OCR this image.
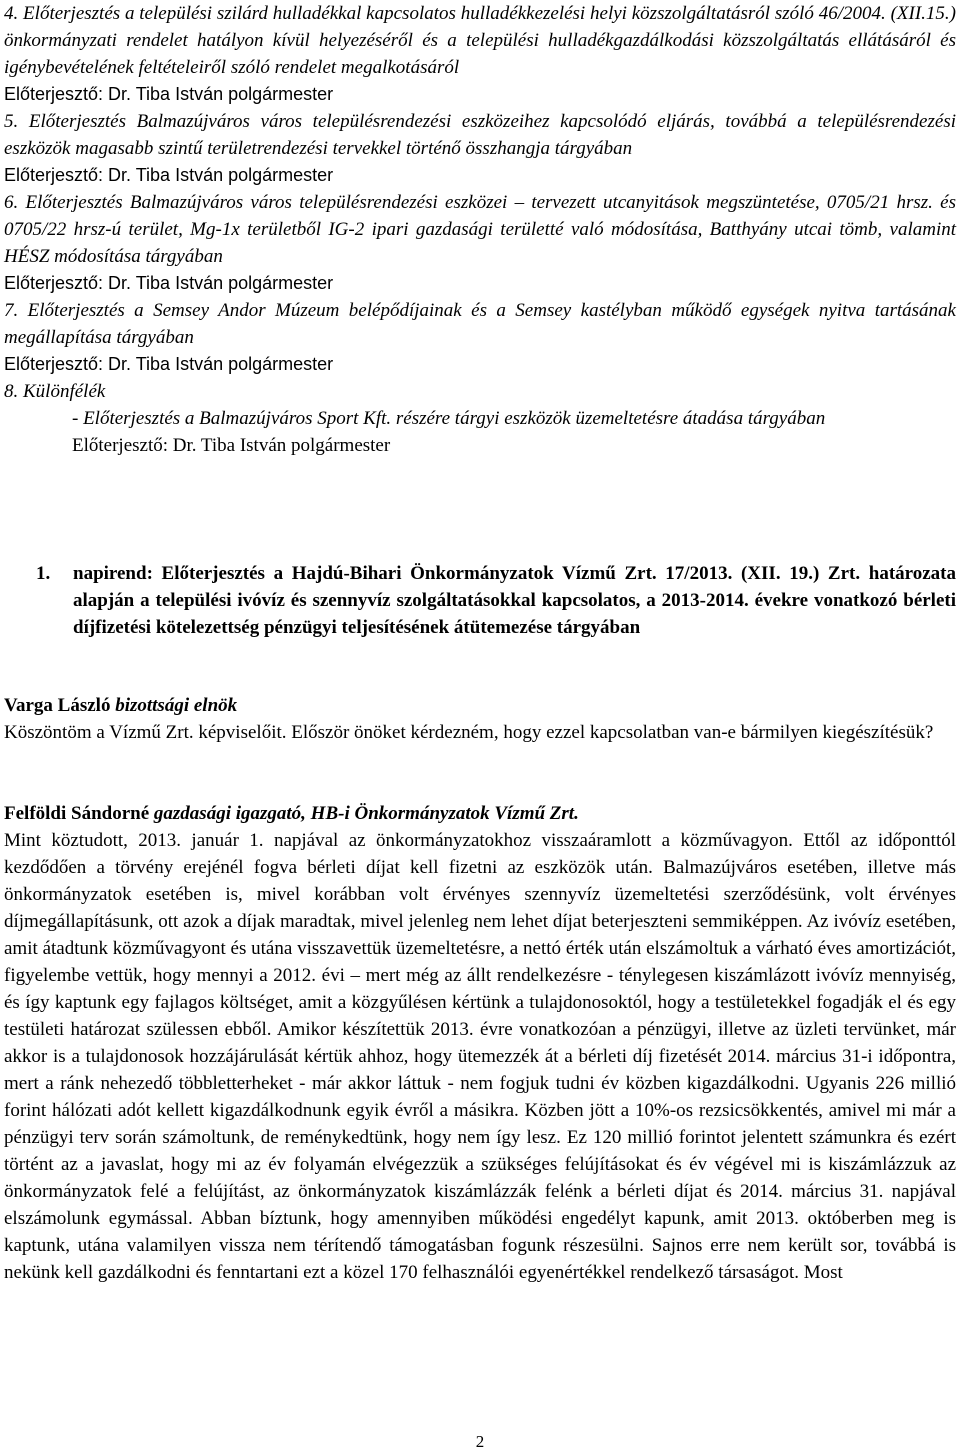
4. Előterjesztés a települési szilárd hulladékkal kapcsolatos hulladékkezelési helyi közszolgáltatásról szóló 46/2004. (XII.15.) önkormányzati rendelet hatályon kívül helyezéséről és a települési hulladékgazdálkodási közszolgáltatás ellátásáról és igénybevételének feltételeiről szóló rendelet megalkotásáról

Előterjesztő: Dr. Tiba István polgármester

5. Előterjesztés Balmazújváros város településrendezési eszközeihez kapcsolódó eljárás, továbbá a településrendezési eszközök magasabb szintű területrendezési tervekkel történő összhangja tárgyában

Előterjesztő: Dr. Tiba István polgármester

6. Előterjesztés Balmazújváros város településrendezési eszközei – tervezett utcanyitások megszüntetése, 0705/21 hrsz. és 0705/22 hrsz-ú terület, Mg-1x területből IG-2 ipari gazdasági területté való módosítása, Batthyány utcai tömb, valamint HÉSZ módosítása tárgyában

Előterjesztő: Dr. Tiba István polgármester

7. Előterjesztés a Semsey Andor Múzeum belépődíjainak és a Semsey kastélyban működő egységek nyitva tartásának megállapítása tárgyában

Előterjesztő: Dr. Tiba István polgármester

8. Különfélék

- Előterjesztés a Balmazújváros Sport Kft. részére tárgyi eszközök üzemeltetésre átadása tárgyában

Előterjesztő: Dr. Tiba István polgármester

1.	napirend: Előterjesztés a Hajdú-Bihari Önkormányzatok Vízmű Zrt. 17/2013. (XII. 19.) Zrt. határozata alapján a települési ivóvíz és szennyvíz szolgáltatásokkal kapcsolatos, a 2013-2014. évekre vonatkozó bérleti díjfizetési kötelezettség pénzügyi teljesítésének átütemezése tárgyában

Varga László bizottsági elnök

Köszöntöm a Vízmű Zrt. képviselőit. Először önöket kérdezném, hogy ezzel kapcsolatban van-e bármilyen kiegészítésük?

Felföldi Sándorné gazdasági igazgató, HB-i Önkormányzatok Vízmű Zrt.

Mint köztudott, 2013. január 1. napjával az önkormányzatokhoz visszaáramlott a közművagyon. Ettől az időponttól kezdődően a törvény erejénél fogva bérleti díjat kell fizetni az eszközök után. Balmazújváros esetében, illetve más önkormányzatok esetében is, mivel korábban volt érvényes szennyvíz üzemeltetési szerződésünk, volt érvényes díjmegállapításunk, ott azok a díjak maradtak, mivel jelenleg nem lehet díjat beterjeszteni semmiképpen. Az ivóvíz esetében, amit átadtunk közművagyont és utána visszavettük üzemeltetésre, a nettó érték után elszámoltuk a várható éves amortizációt, figyelembe vettük, hogy mennyi a 2012. évi – mert még az állt rendelkezésre - ténylegesen kiszámlázott ivóvíz mennyiség, és így kaptunk egy fajlagos költséget, amit a közgyűlésen kértünk a tulajdonosoktól, hogy a testületekkel fogadják el és egy testületi határozat szülessen ebből. Amikor készítettük 2013. évre vonatkozóan a pénzügyi, illetve az üzleti tervünket, már akkor is a tulajdonosok hozzájárulását kértük ahhoz, hogy ütemezzék át a bérleti díj fizetését 2014. március 31-i időpontra, mert a ránk nehezedő többletterheket - már akkor láttuk - nem fogjuk tudni év közben kigazdálkodni. Ugyanis 226 millió forint hálózati adót kellett kigazdálkodnunk egyik évről a másikra. Közben jött a 10%-os rezsicsökkentés, amivel mi már a pénzügyi terv során számoltunk, de reménykedtünk, hogy nem így lesz. Ez 120 millió forintot jelentett számunkra és ezért történt az a javaslat, hogy mi az év folyamán elvégezzük a szükséges felújításokat és év végével mi is kiszámlázzuk az önkormányzatok felé a felújítást, az önkormányzatok kiszámlázzák felénk a bérleti díjat és 2014. március 31. napjával elszámolunk egymással. Abban bíztunk, hogy amennyiben működési engedélyt kapunk, amit 2013. októberben meg is kaptunk, utána valamilyen vissza nem térítendő támogatásban fogunk részesülni. Sajnos erre nem került sor, továbbá is nekünk kell gazdálkodni és fenntartani ezt a közel 170 felhasználói egyenértékkel rendelkező társaságot. Most

2
